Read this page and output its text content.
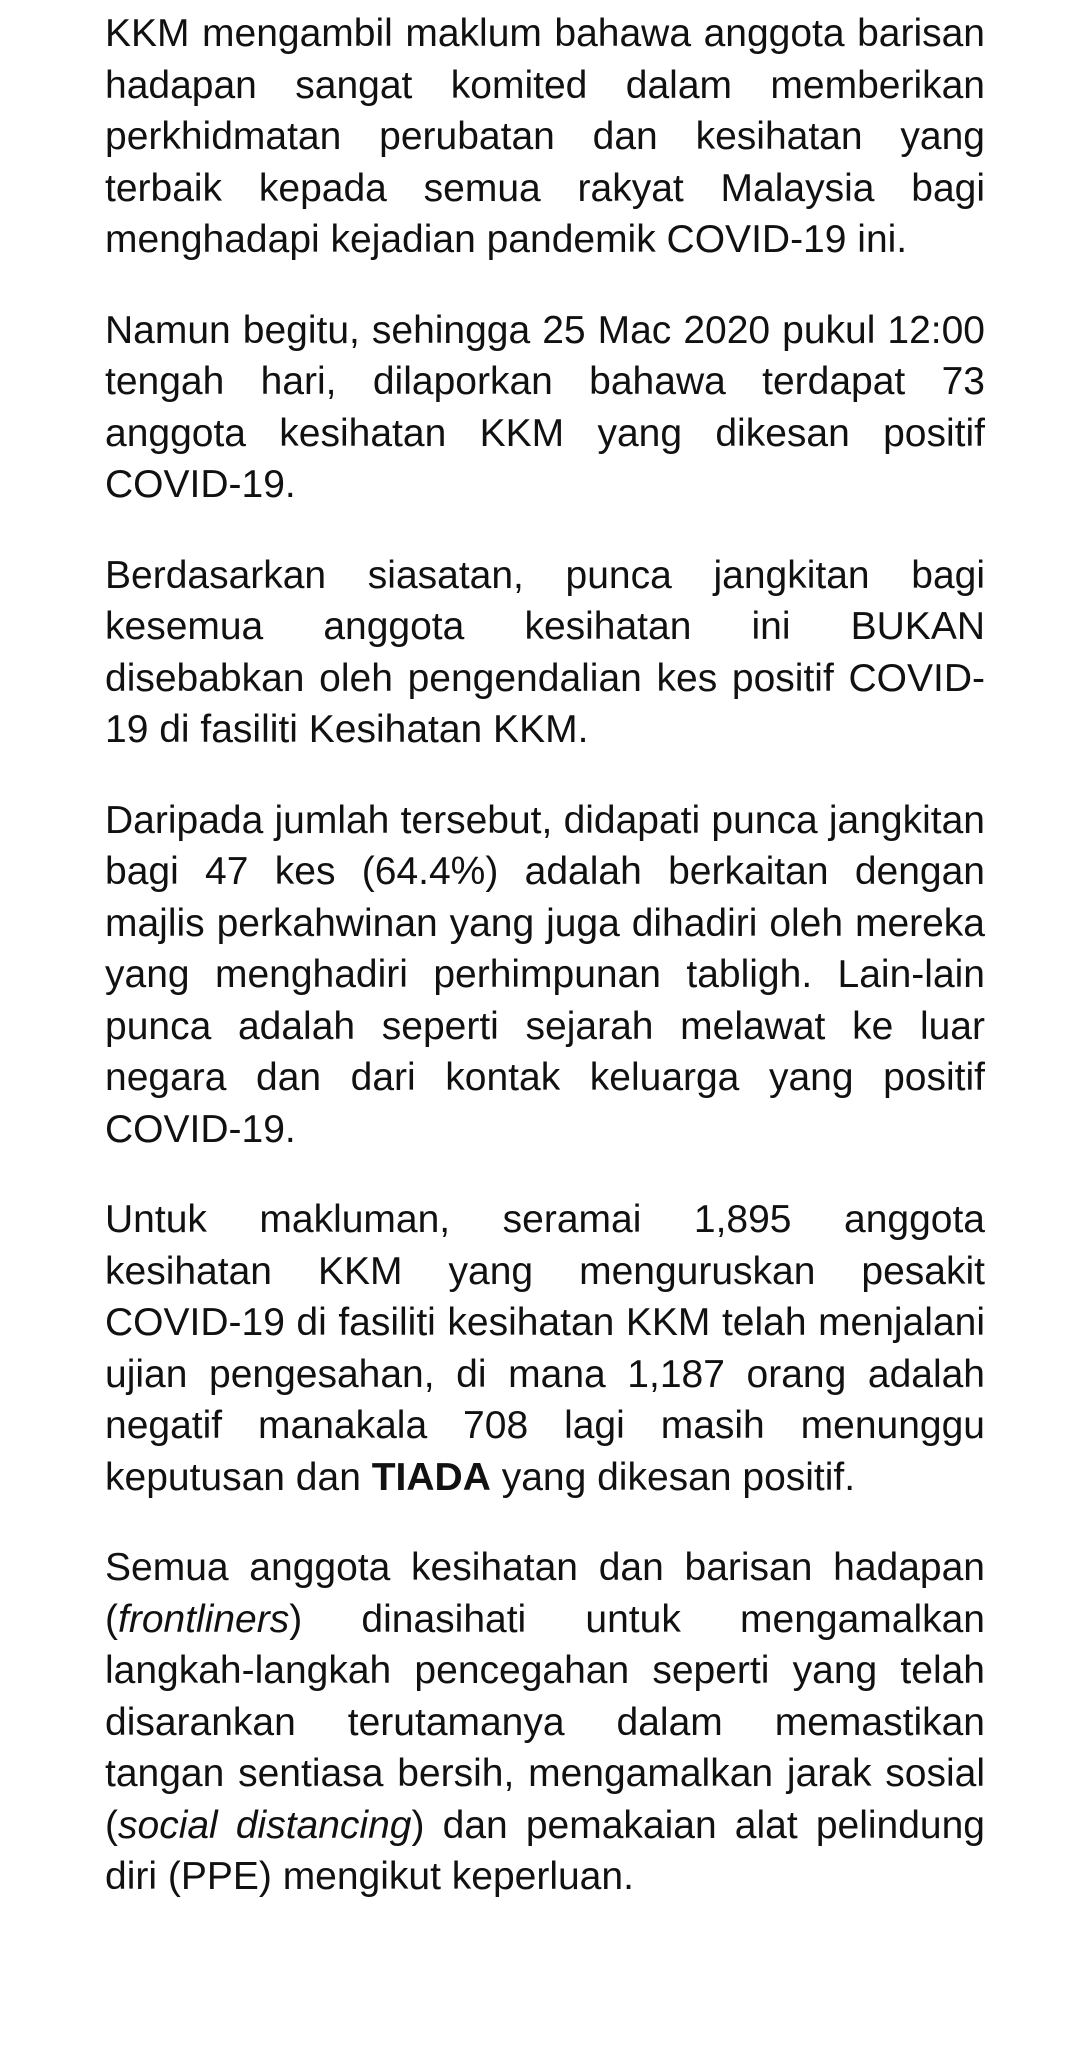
KKM mengambil maklum bahawa anggota barisan hadapan sangat komited dalam memberikan perkhidmatan perubatan dan kesihatan yang terbaik kepada semua rakyat Malaysia bagi menghadapi kejadian pandemik COVID-19 ini.

Namun begitu, sehingga 25 Mac 2020 pukul 12:00 tengah hari, dilaporkan bahawa terdapat 73 anggota kesihatan KKM yang dikesan positif COVID-19.

Berdasarkan siasatan, punca jangkitan bagi kesemua anggota kesihatan ini BUKAN disebabkan oleh pengendalian kes positif COVID-19 di fasiliti Kesihatan KKM.

Daripada jumlah tersebut, didapati punca jangkitan bagi 47 kes (64.4%) adalah berkaitan dengan majlis perkahwinan yang juga dihadiri oleh mereka yang menghadiri perhimpunan tabligh. Lain-lain punca adalah seperti sejarah melawat ke luar negara dan dari kontak keluarga yang positif COVID-19.

Untuk makluman, seramai 1,895 anggota kesihatan KKM yang menguruskan pesakit COVID-19 di fasiliti kesihatan KKM telah menjalani ujian pengesahan, di mana 1,187 orang adalah negatif manakala 708 lagi masih menunggu keputusan dan TIADA yang dikesan positif.

Semua anggota kesihatan dan barisan hadapan (frontliners) dinasihati untuk mengamalkan langkah-langkah pencegahan seperti yang telah disarankan terutamanya dalam memastikan tangan sentiasa bersih, mengamalkan jarak sosial (social distancing) dan pemakaian alat pelindung diri (PPE) mengikut keperluan.
